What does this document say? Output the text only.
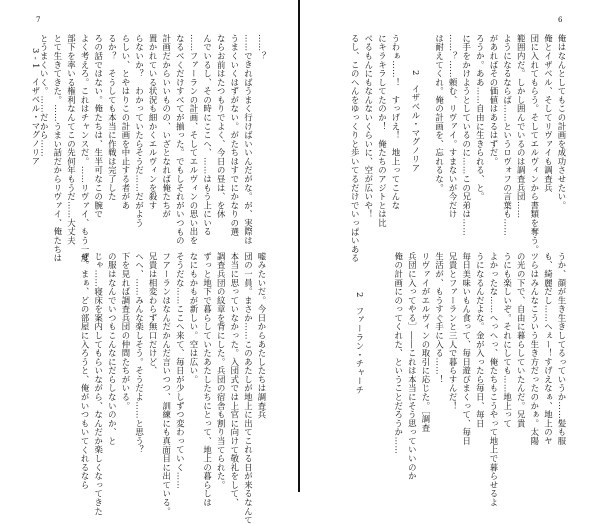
7

……？

……できればうまく行けばいいんだがな。が、実際は

うまくいくはずがない。がたちはすでにかなりの選

ならお前はたつもりでよく、今日の昼は、を休

んでいるし、その時にここへ、……はもう上にいる

……ファーランの計画、そしてエルヴィンの思い出を

なるべくだけすべてが揃った。でもしそれがいつもの

計画だからいいものの、いざとなれば俺たちが

置かれている状況も細かくエルヴィンを殺す

らないか？　わかっていたらそうだ……だがよう

らしい、とやはりこの計画を中止する者があ

るか？　そうしても本当に作戦は完了した

ろの話ではない。俺たちは、生半可なこの腕で

よく考えろ。これはチャンスだ。……リヴァイ、もう一度

部下を率いる権利なんてこの先何年もうだ……大丈夫

とて生きてきた。……うまい話だからリヴァイ、俺たちは

とうまくいく。……だから……

3 - 1　イザベル・マグノリア

嘘みたいだ。今日からあたしたちは調査兵

団の一員。まさか……このあたしが地上に出てこれる日が来るなんて

本当に思っていなかった。入団式では上官に向けて敬礼をして、

調査兵団の紋章を背にした。兵団の宿舎も割り当てられた。

ずっと地下で暮らしていたあたしたちにとって、地上の暮らしは

なにもかもが新しい。空は広い。

そうだな……ここへ来て、毎日が少しずつ変わっていく……

フアーランはなんだかんだ言いつつ、訓練にも真面目に出ている。

兄貴は相変わらず無口だけど、

へへ、……みんな楽しそう。そうだよ……と思う？

下を見れば調査兵団の仲間たちがいる。

の服はなんでいつもこんなにだらしないのか、と

じゃ……寝床を案内してもらいながら、なんだか楽しくなってきた

ぜ。まぁ、どの部屋に入ろうと、俺がいつもいてくれるなら

6

俺はなんとしてもこの計画を成功させたい。

俺とイザベル、そしてリヴァイも調査兵

団に入れてもらう。そしてエルヴィンから書類を奪う。

範囲内だ。しかし囲んでいるのは調査兵団……

ようになるならば……というロヴォフの言葉も……

があればその価値はあるはずだ。

ろうか。ああ……自由に生きられる、と。

に手をかけようとしているのに……この兄弟は……

……？……頼む、リヴァイ。すまないが今だけ

は耐えてくれ。俺の計画を、忘れるな。

2　イザベル・マグノリア

うわぁ……！　すっげえ！　地上ってこんな

にキラキラしてたのか！　俺たちのアジトとは比

べるもんにもなんないくらいに、空が広いや！

るし、このへんをゆっくりと歩いてるだけでいっぱいある

うか、顔が生き生きしてるっていうか……髪も服

も、綺麗だし……へぇー！すげえなぁ、地上のヤ

ツらはみんなこういう生き方だったのかぁ。太陽

の光の下で、自由に暮らしていたんだ。兄貴

うにも楽しいぞ。それにしても……地上って

よかったな……へっへっ、俺たちもこうやって地上で暮らせるよ

うになるんだよな。金が入ったら毎日、毎日

毎日美味いもん食って、毎日遊びまくって、毎日

兄貴とファーランと三人で暮らすんだ！

生活が、もうすぐ手に入る……！

リヴァイがエルヴィンの取引に応じた。［調査

兵団に入ってやる］――これは本当にそう思っていいのか

俺の計画にのってくれた、ということだろうか……

2　ファーラン・チャーチ
